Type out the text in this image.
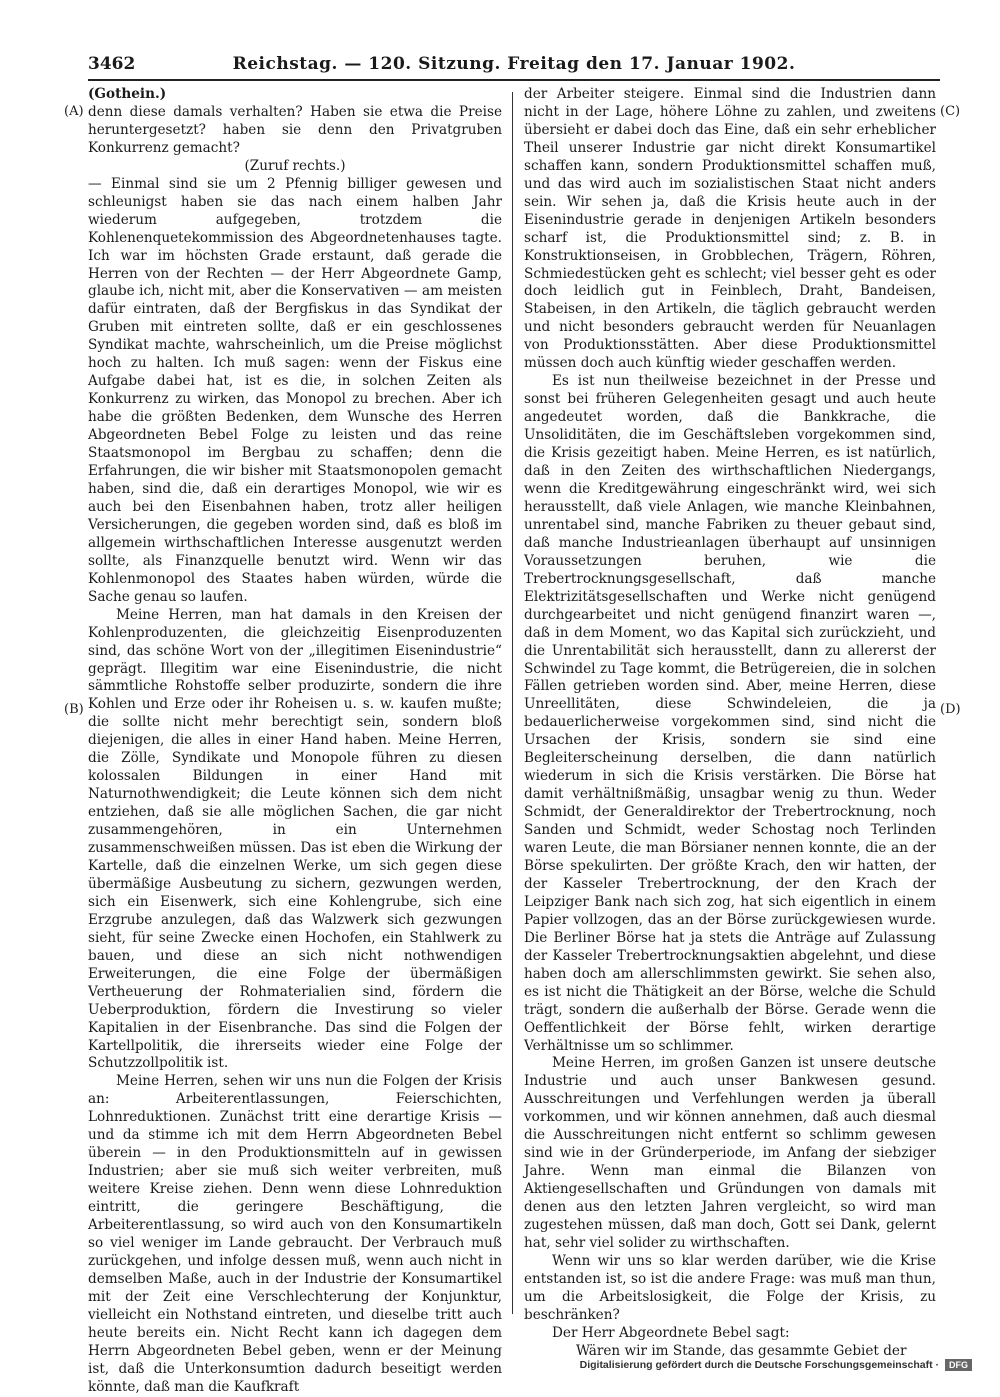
3462	Reichstag. — 120. Sitzung. Freitag den 17. Januar 1902.
(A)
(B)
(C)
(D)

(Gothein.)

denn diese damals verhalten? Haben sie etwa die Preise heruntergesetzt? haben sie denn den Privatgruben Konkurrenz gemacht?

(Zuruf rechts.)

— Einmal sind sie um 2 Pfennig billiger gewesen und schleunigst haben sie das nach einem halben Jahr wiederum aufgegeben, trotzdem die Kohlenenquetekommission des Abgeordnetenhauses tagte. Ich war im höchsten Grade erstaunt, daß gerade die Herren von der Rechten — der Herr Abgeordnete Gamp, glaube ich, nicht mit, aber die Konservativen — am meisten dafür eintraten, daß der Bergfiskus in das Syndikat der Gruben mit eintreten sollte, daß er ein geschlossenes Syndikat machte, wahrscheinlich, um die Preise möglichst hoch zu halten. Ich muß sagen: wenn der Fiskus eine Aufgabe dabei hat, ist es die, in solchen Zeiten als Konkurrenz zu wirken, das Monopol zu brechen. Aber ich habe die größten Bedenken, dem Wunsche des Herren Abgeordneten Bebel Folge zu leisten und das reine Staatsmonopol im Bergbau zu schaffen; denn die Erfahrungen, die wir bisher mit Staatsmonopolen gemacht haben, sind die, daß ein derartiges Monopol, wie wir es auch bei den Eisenbahnen haben, trotz aller heiligen Versicherungen, die gegeben worden sind, daß es bloß im allgemein wirthschaftlichen Interesse ausgenutzt werden sollte, als Finanzquelle benutzt wird. Wenn wir das Kohlenmonopol des Staates haben würden, würde die Sache genau so laufen.

Meine Herren, man hat damals in den Kreisen der Kohlenproduzenten, die gleichzeitig Eisenproduzenten sind, das schöne Wort von der „illegitimen Eisenindustrie“ geprägt. Illegitim war eine Eisenindustrie, die nicht sämmtliche Rohstoffe selber produzirte, sondern die ihre Kohlen und Erze oder ihr Roheisen u. s. w. kaufen mußte; die sollte nicht mehr berechtigt sein, sondern bloß diejenigen, die alles in einer Hand haben. Meine Herren, die Zölle, Syndikate und Monopole führen zu diesen kolossalen Bildungen in einer Hand mit Naturnothwendigkeit; die Leute können sich dem nicht entziehen, daß sie alle möglichen Sachen, die gar nicht zusammengehören, in ein Unternehmen zusammenschweißen müssen. Das ist eben die Wirkung der Kartelle, daß die einzelnen Werke, um sich gegen diese übermäßige Ausbeutung zu sichern, gezwungen werden, sich ein Eisenwerk, sich eine Kohlengrube, sich eine Erzgrube anzulegen, daß das Walzwerk sich gezwungen sieht, für seine Zwecke einen Hochofen, ein Stahlwerk zu bauen, und diese an sich nicht nothwendigen Erweiterungen, die eine Folge der übermäßigen Vertheuerung der Rohmaterialien sind, fördern die Ueberproduktion, fördern die Investirung so vieler Kapitalien in der Eisenbranche. Das sind die Folgen der Kartellpolitik, die ihrerseits wieder eine Folge der Schutzzollpolitik ist.

Meine Herren, sehen wir uns nun die Folgen der Krisis an: Arbeiterentlassungen, Feierschichten, Lohnreduktionen. Zunächst tritt eine derartige Krisis — und da stimme ich mit dem Herrn Abgeordneten Bebel überein — in den Produktionsmitteln auf in gewissen Industrien; aber sie muß sich weiter verbreiten, muß weitere Kreise ziehen. Denn wenn diese Lohnreduktion eintritt, die geringere Beschäftigung, die Arbeiterentlassung, so wird auch von den Konsumartikeln so viel weniger im Lande gebraucht. Der Verbrauch muß zurückgehen, und infolge dessen muß, wenn auch nicht in demselben Maße, auch in der Industrie der Konsumartikel mit der Zeit eine Verschlechterung der Konjunktur, vielleicht ein Nothstand eintreten, und dieselbe tritt auch heute bereits ein. Nicht Recht kann ich dagegen dem Herrn Abgeordneten Bebel geben, wenn er der Meinung ist, daß die Unterkonsumtion dadurch beseitigt werden könnte, daß man die Kaufkraft

der Arbeiter steigere. Einmal sind die Industrien dann nicht in der Lage, höhere Löhne zu zahlen, und zweitens übersieht er dabei doch das Eine, daß ein sehr erheblicher Theil unserer Industrie gar nicht direkt Konsumartikel schaffen kann, sondern Produktionsmittel schaffen muß, und das wird auch im sozialistischen Staat nicht anders sein. Wir sehen ja, daß die Krisis heute auch in der Eisenindustrie gerade in denjenigen Artikeln besonders scharf ist, die Produktionsmittel sind; z. B. in Konstruktionseisen, in Grobblechen, Trägern, Röhren, Schmiedestücken geht es schlecht; viel besser geht es oder doch leidlich gut in Feinblech, Draht, Bandeisen, Stabeisen, in den Artikeln, die täglich gebraucht werden und nicht besonders gebraucht werden für Neuanlagen von Produktionsstätten. Aber diese Produktionsmittel müssen doch auch künftig wieder geschaffen werden.

Es ist nun theilweise bezeichnet in der Presse und sonst bei früheren Gelegenheiten gesagt und auch heute angedeutet worden, daß die Bankkrache, die Unsoliditäten, die im Geschäftsleben vorgekommen sind, die Krisis gezeitigt haben. Meine Herren, es ist natürlich, daß in den Zeiten des wirthschaftlichen Niedergangs, wenn die Kreditgewährung eingeschränkt wird, wei sich herausstellt, daß viele Anlagen, wie manche Kleinbahnen, unrentabel sind, manche Fabriken zu theuer gebaut sind, daß manche Industrieanlagen überhaupt auf unsinnigen Voraussetzungen beruhen, wie die Trebertrocknungsgesellschaft, daß manche Elektrizitätsgesellschaften und Werke nicht genügend durchgearbeitet und nicht genügend finanzirt waren —, daß in dem Moment, wo das Kapital sich zurückzieht, und die Unrentabilität sich herausstellt, dann zu allererst der Schwindel zu Tage kommt, die Betrügereien, die in solchen Fällen getrieben worden sind. Aber, meine Herren, diese Unreellitäten, diese Schwindeleien, die ja bedauerlicherweise vorgekommen sind, sind nicht die Ursachen der Krisis, sondern sie sind eine Begleiterscheinung derselben, die dann natürlich wiederum in sich die Krisis verstärken. Die Börse hat damit verhältnißmäßig, unsagbar wenig zu thun. Weder Schmidt, der Generaldirektor der Trebertrocknung, noch Sanden und Schmidt, weder Schostag noch Terlinden waren Leute, die man Börsianer nennen konnte, die an der Börse spekulirten. Der größte Krach, den wir hatten, der der Kasseler Trebertrocknung, der den Krach der Leipziger Bank nach sich zog, hat sich eigentlich in einem Papier vollzogen, das an der Börse zurückgewiesen wurde. Die Berliner Börse hat ja stets die Anträge auf Zulassung der Kasseler Trebertrocknungsaktien abgelehnt, und diese haben doch am allerschlimmsten gewirkt. Sie sehen also, es ist nicht die Thätigkeit an der Börse, welche die Schuld trägt, sondern die außerhalb der Börse. Gerade wenn die Oeffentlichkeit der Börse fehlt, wirken derartige Verhältnisse um so schlimmer.

Meine Herren, im großen Ganzen ist unsere deutsche Industrie und auch unser Bankwesen gesund. Ausschreitungen und Verfehlungen werden ja überall vorkommen, und wir können annehmen, daß auch diesmal die Ausschreitungen nicht entfernt so schlimm gewesen sind wie in der Gründerperiode, im Anfang der siebziger Jahre. Wenn man einmal die Bilanzen von Aktiengesellschaften und Gründungen von damals mit denen aus den letzten Jahren vergleicht, so wird man zugestehen müssen, daß man doch, Gott sei Dank, gelernt hat, sehr viel solider zu wirthschaften.

Wenn wir uns so klar werden darüber, wie die Krise entstanden ist, so ist die andere Frage: was muß man thun, um die Arbeitslosigkeit, die Folge der Krisis, zu beschränken?

Der Herr Abgeordnete Bebel sagt:

Wären wir im Stande, das gesammte Gebiet der

Digitalisierung gefördert durch die Deutsche Forschungsgemeinschaft ·	DFG
